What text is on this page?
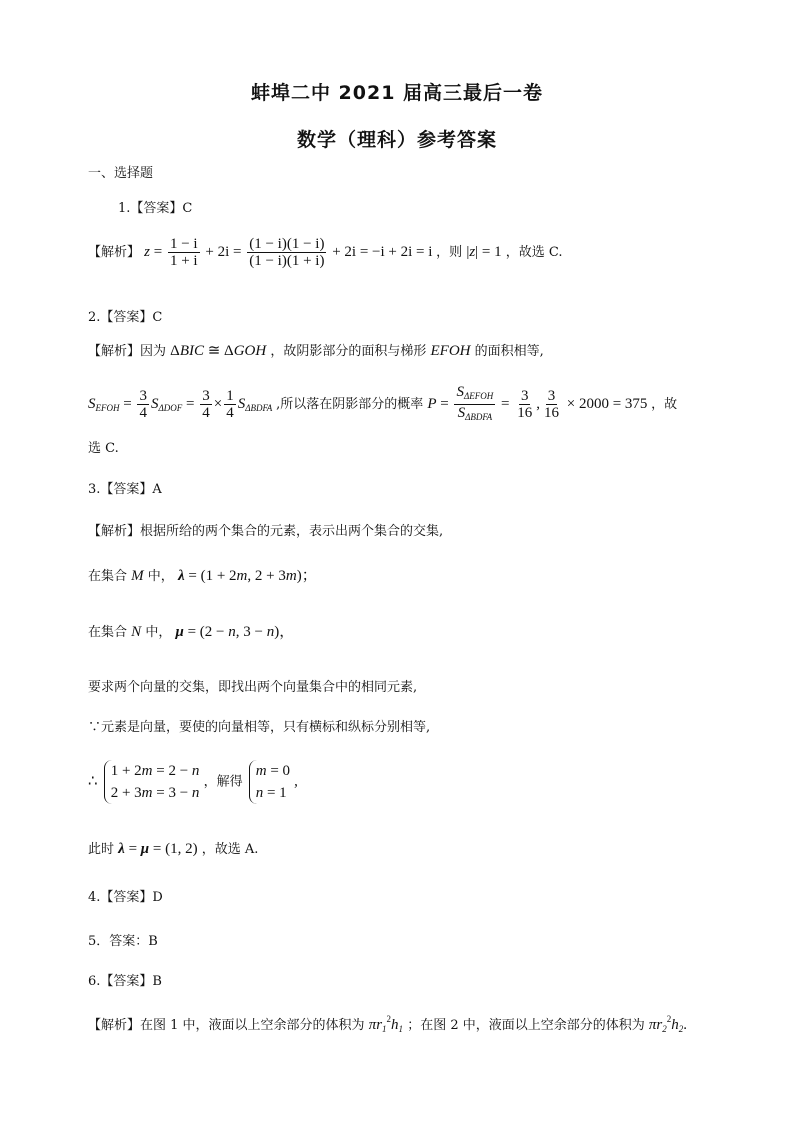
蚌埠二中 2021 届高三最后一卷
数学（理科）参考答案
一、选择题
1.【答案】C
【解析】 $z = \frac{1 - i}{1 + i} + 2i = \frac{(1 - i)(1 - i)}{(1 - i)(1 + i)} + 2i = -i + 2i = i$ ，则 |z| = 1 ，故选 C.
2.【答案】C
【解析】因为 ΔBIC ≅ ΔGOH ，故阴影部分的面积与梯形 EFOH 的面积相等,
$S_{EFOH} = \frac{3}{4} S_{\Delta DOF} = \frac{3}{4} \times \frac{1}{4} S_{\Delta BDFA}$ ,所以落在阴影部分的概率 $P = \frac{S_{\Delta EFOH}}{S_{\Delta BDFA}} = \frac{3}{16}$ , $\frac{3}{16} \times 2000 = 375$ ，故
选 C.
3.【答案】A
【解析】根据所给的两个集合的元素，表示出两个集合的交集,
在集合 M 中， λ = (1 + 2m, 2 + 3m)；
在集合 N 中， μ = (2 − n, 3 − n)，
要求两个向量的交集，即找出两个向量集合中的相同元素,
∵元素是向量，要使的向量相等，只有横标和纵标分别相等,
∴
1 + 2m = 2 − n
2 + 3m = 3 − n
，解得
m = 0
n = 1
,
此时 λ = μ = (1, 2) ，故选 A.
4.【答案】D
5．答案：B
6.【答案】B
【解析】在图 1 中，液面以上空余部分的体积为 $\pi r_1^2h_1$ ；在图 2 中，液面以上空余部分的体积为 $\pi r_2^2h_2$.
